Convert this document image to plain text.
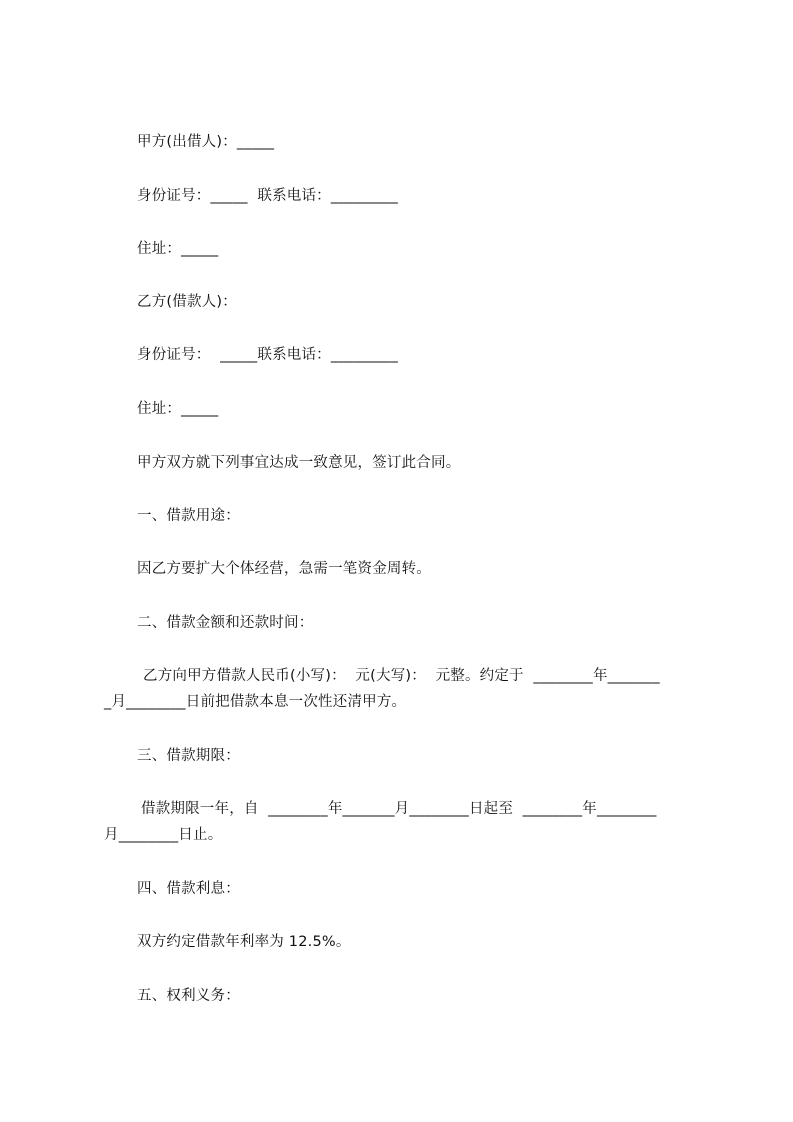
甲方(出借人)：_____
身份证号：_____  联系电话：_________
住址：_____
乙方(借款人)：
身份证号：  _____联系电话：_________
住址：_____
甲方双方就下列事宜达成一致意见，签订此合同。
一、借款用途：
因乙方要扩大个体经营，急需一笔资金周转。
二、借款金额和还款时间：
乙方向甲方借款人民币(小写)：  元(大写)：  元整。约定于  ________年_______
_月________日前把借款本息一次性还清甲方。
三、借款期限：
借款期限一年，自  ________年_______月________日起至  ________年________
月________日止。
四、借款利息：
双方约定借款年利率为 12.5%。
五、权利义务：
